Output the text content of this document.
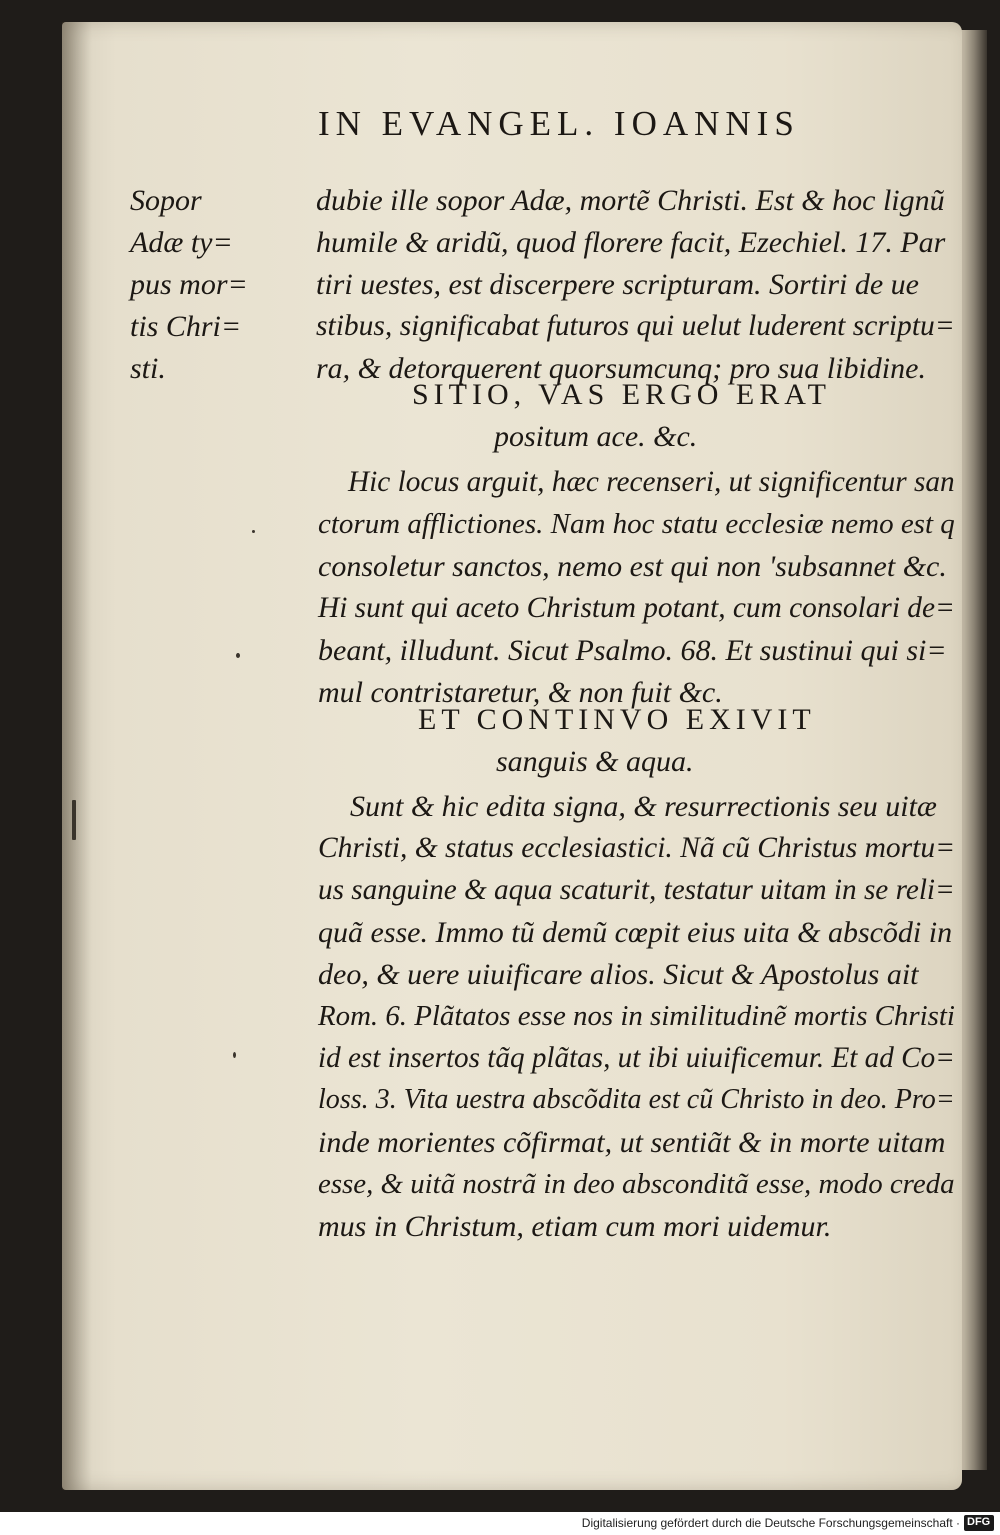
IN EVANGEL. IOANNIS
Sopor
Adæ ty=
pus mor=
tis Chri=
sti.
dubie ille sopor Adæ, mortẽ Christi. Est & hoc lignũ
humile & aridũ, quod florere facit, Ezechiel. 17. Par
tiri uestes, est discerpere scripturam. Sortiri de ue
stibus, significabat futuros qui uelut luderent scriptu=
ra, & detorquerent quorsumcunq; pro sua libidine.
SITIO, VAS ERGO ERAT
positum ace. &c.
Hic locus arguit, hæc recenseri, ut significentur san
ctorum afflictiones. Nam hoc statu ecclesiæ nemo est q
consoletur sanctos, nemo est qui non 'subsannet &c.
Hi sunt qui aceto Christum potant, cum consolari de=
beant, illudunt. Sicut Psalmo. 68. Et sustinui qui si=
mul contristaretur, & non fuit &c.
ET CONTINVO EXIVIT
sanguis & aqua.
Sunt & hic edita signa, & resurrectionis seu uitæ
Christi, & status ecclesiastici. Nã cũ Christus mortu=
us sanguine & aqua scaturit, testatur uitam in se reli=
quã esse. Immo tũ demũ cœpit eius uita & abscõdi in
deo, & uere uiuificare alios. Sicut & Apostolus ait
Rom. 6. Plãtatos esse nos in similitudinẽ mortis Christi
id est insertos tãq plãtas, ut ibi uiuificemur. Et ad Co=
loss. 3. Vita uestra abscõdita est cũ Christo in deo. Pro=
inde morientes cõfirmat, ut sentiãt & in morte uitam
esse, & uitã nostrã in deo absconditã esse, modo creda
mus in Christum, etiam cum mori uidemur.
Digitalisierung gefördert durch die Deutsche Forschungsgemeinschaft · DFG
